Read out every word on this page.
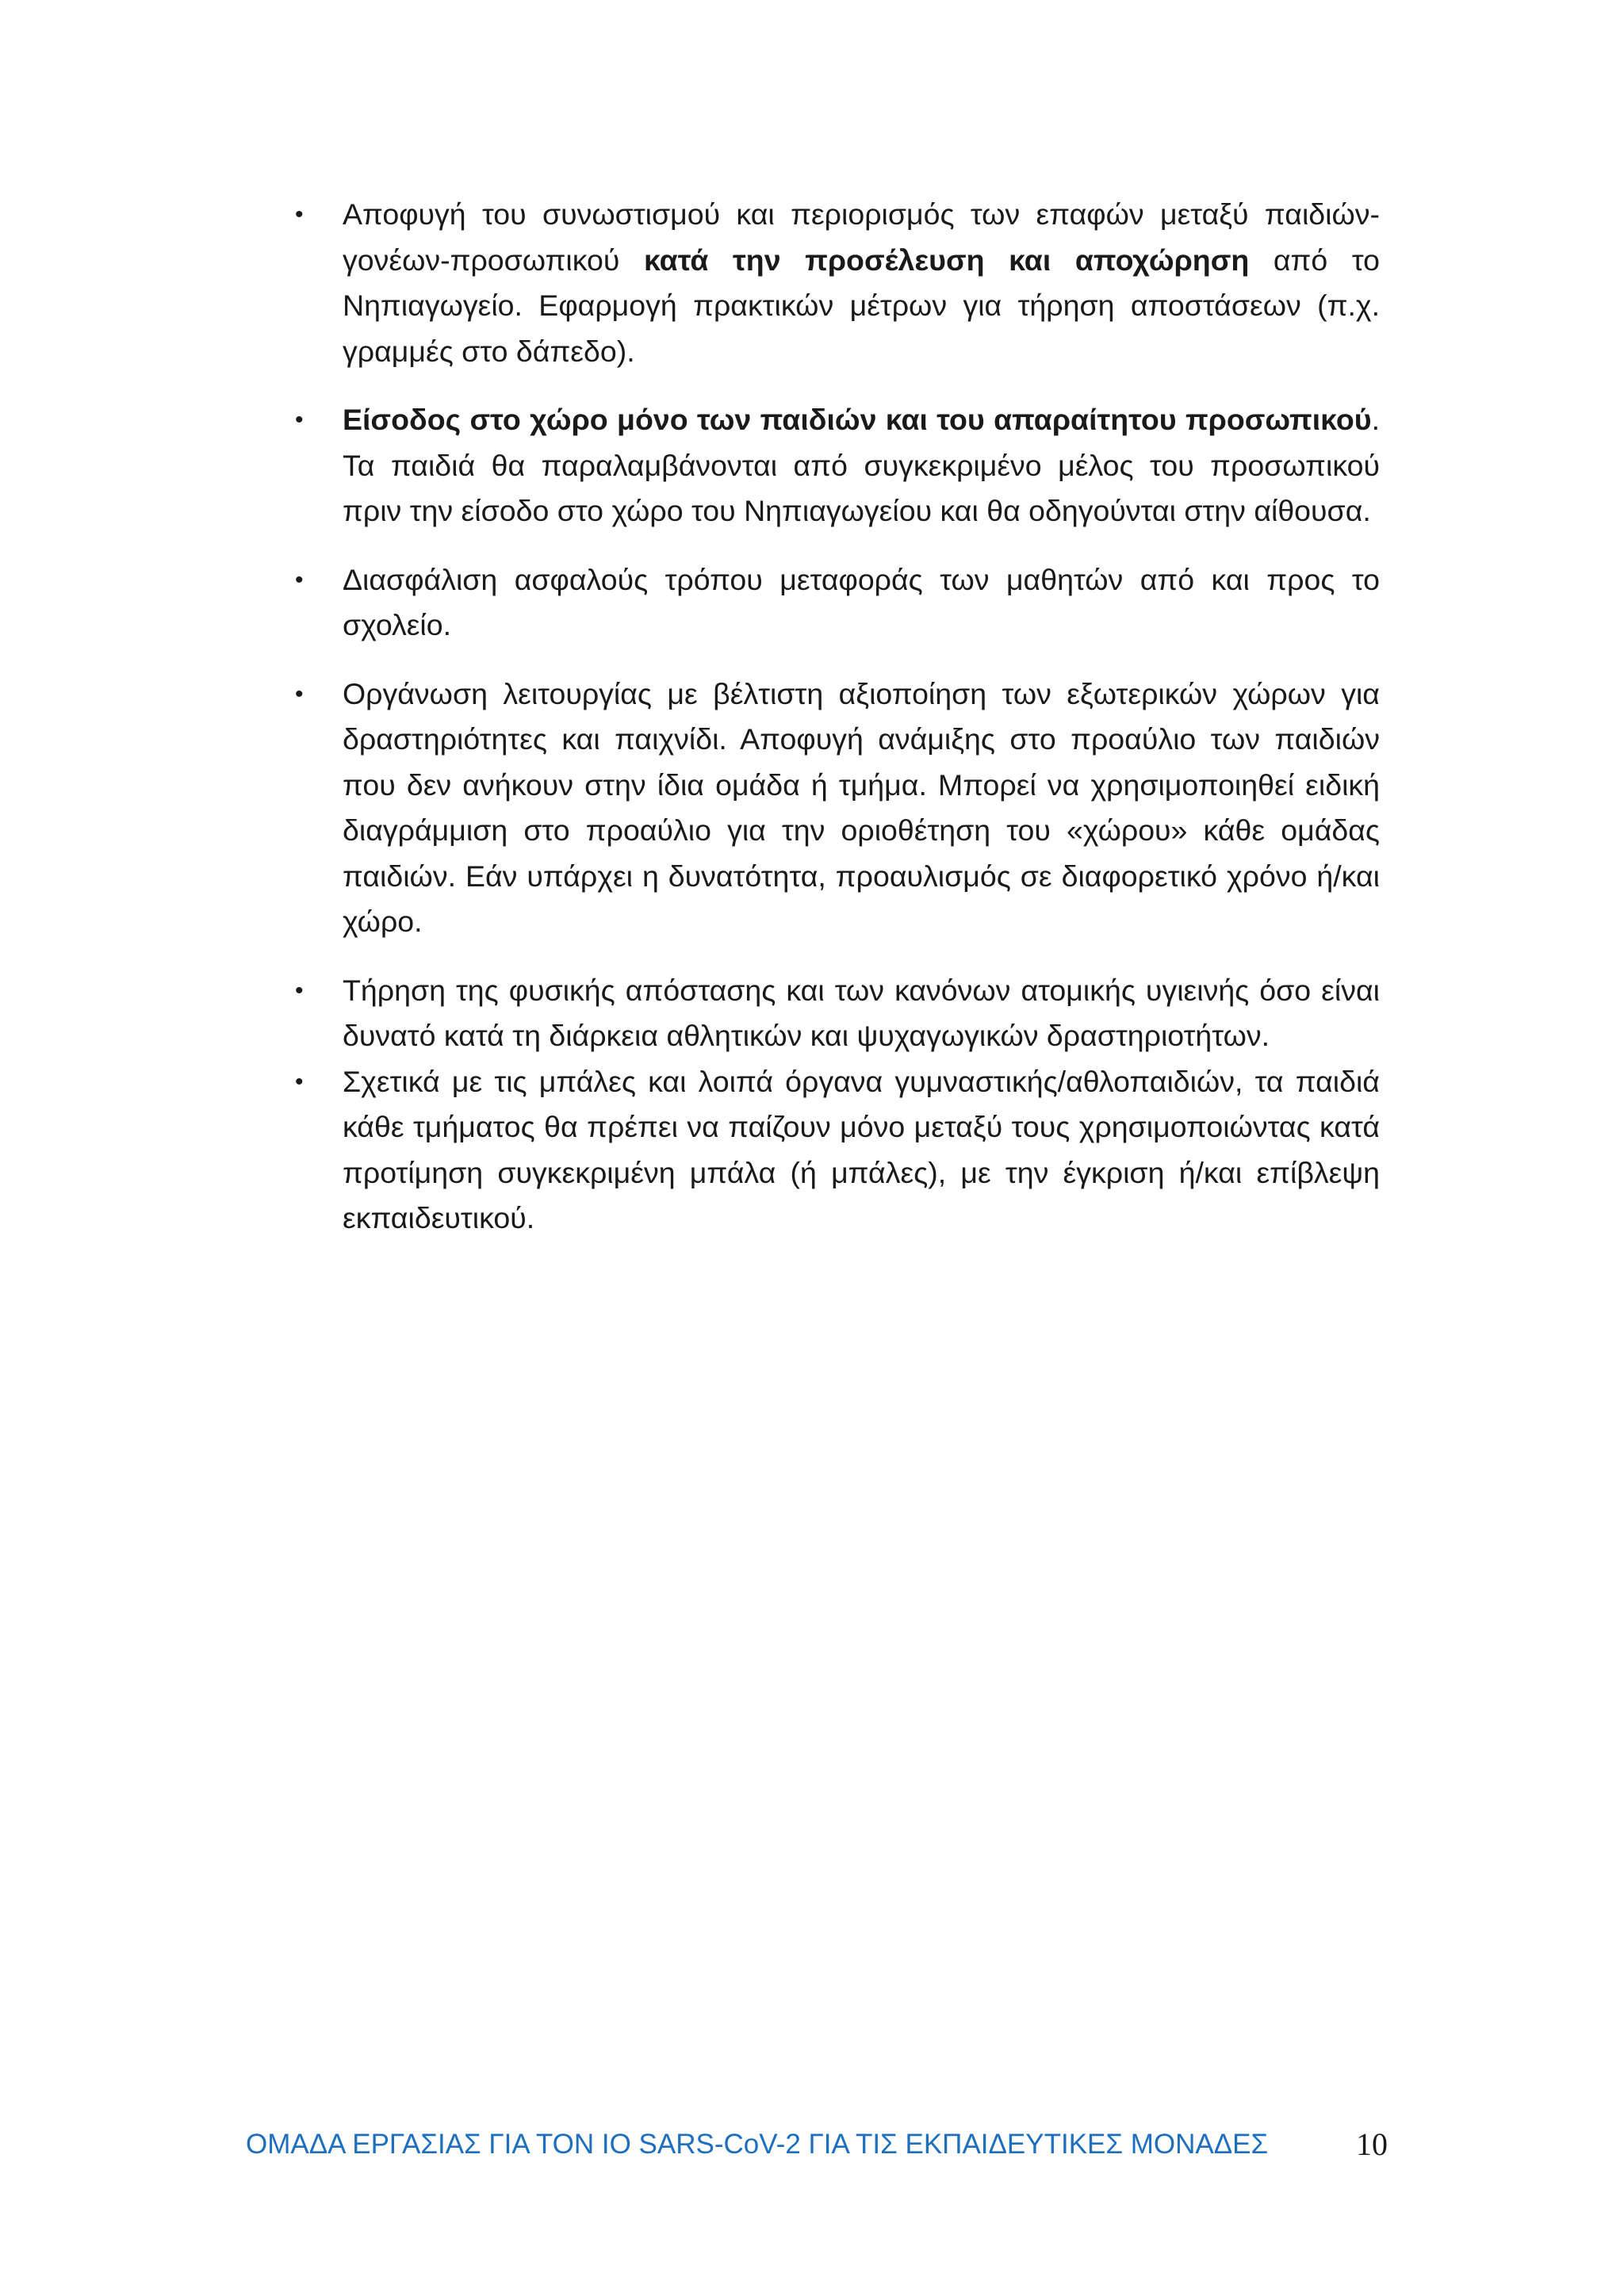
• Αποφυγή του συνωστισμού και περιορισμός των επαφών μεταξύ παιδιών-γονέων-προσωπικού κατά την προσέλευση και αποχώρηση από το Νηπιαγωγείο. Εφαρμογή πρακτικών μέτρων για τήρηση αποστάσεων (π.χ. γραμμές στο δάπεδο).
• Είσοδος στο χώρο μόνο των παιδιών και του απαραίτητου προσωπικού. Τα παιδιά θα παραλαμβάνονται από συγκεκριμένο μέλος του προσωπικού πριν την είσοδο στο χώρο του Νηπιαγωγείου και θα οδηγούνται στην αίθουσα.
• Διασφάλιση ασφαλούς τρόπου μεταφοράς των μαθητών από και προς το σχολείο.
• Οργάνωση λειτουργίας με βέλτιστη αξιοποίηση των εξωτερικών χώρων για δραστηριότητες και παιχνίδι. Αποφυγή ανάμιξης στο προαύλιο των παιδιών που δεν ανήκουν στην ίδια ομάδα ή τμήμα. Μπορεί να χρησιμοποιηθεί ειδική διαγράμμιση στο προαύλιο για την οριοθέτηση του «χώρου» κάθε ομάδας παιδιών. Εάν υπάρχει η δυνατότητα, προαυλισμός σε διαφορετικό χρόνο ή/και χώρο.
• Τήρηση της φυσικής απόστασης και των κανόνων ατομικής υγιεινής όσο είναι δυνατό κατά τη διάρκεια αθλητικών και ψυχαγωγικών δραστηριοτήτων.
• Σχετικά με τις μπάλες και λοιπά όργανα γυμναστικής/αθλοπαιδιών, τα παιδιά κάθε τμήματος θα πρέπει να παίζουν μόνο μεταξύ τους χρησιμοποιώντας κατά προτίμηση συγκεκριμένη μπάλα (ή μπάλες), με την έγκριση ή/και επίβλεψη εκπαιδευτικού.
ΟΜΑΔΑ ΕΡΓΑΣΙΑΣ ΓΙΑ ΤΟΝ ΙΟ SARS-CoV-2 ΓΙΑ ΤΙΣ ΕΚΠΑΙΔΕΥΤΙΚΕΣ ΜΟΝΑΔΕΣ	10
